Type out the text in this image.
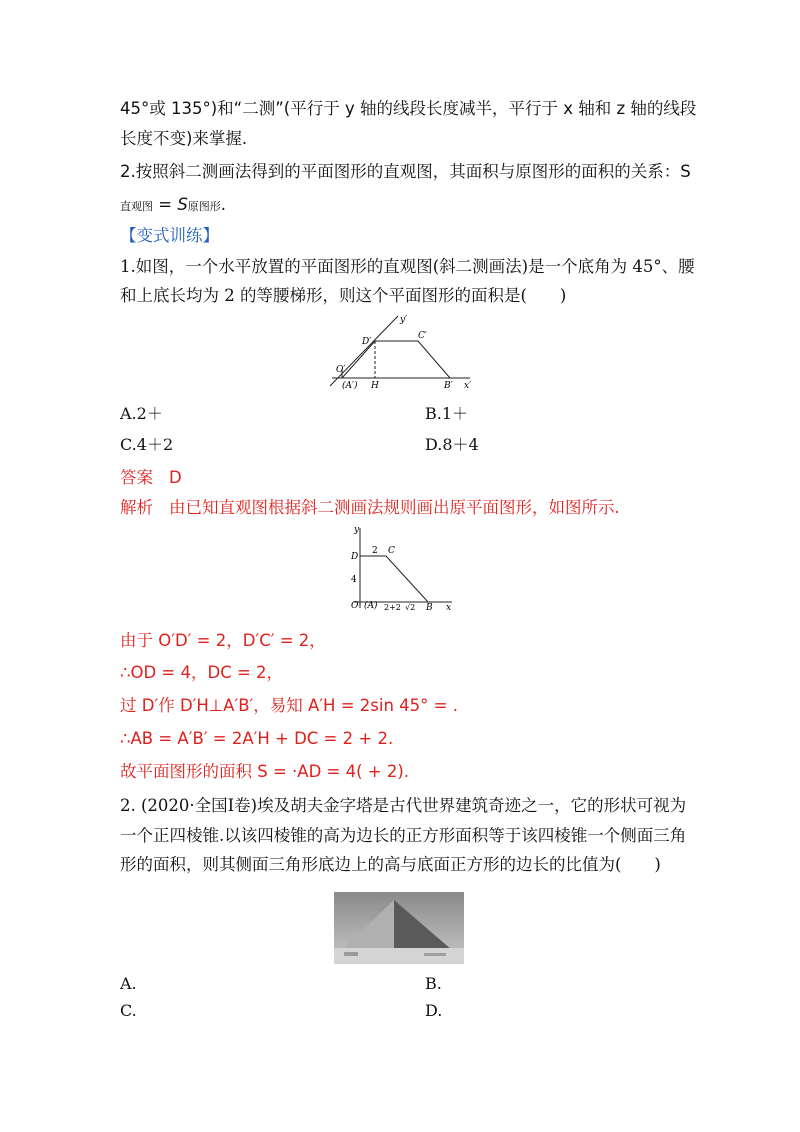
45°或 135°)和“二测”(平行于 y 轴的线段长度减半，平行于 x 轴和 z 轴的线段
长度不变)来掌握.
2.按照斜二测画法得到的平面图形的直观图，其面积与原图形的面积的关系：S
直观图 = S原图形.
【变式训练】
1.如图，一个水平放置的平面图形的直观图(斜二测画法)是一个底角为 45°、腰
和上底长均为 2 的等腰梯形，则这个平面图形的面积是(　　)
y′
D′
C′
O′
(A′) H	B′ x′
A.2＋	B.1＋
C.4＋2	D.8＋4
答案 D
解析 由已知直观图根据斜二测画法规则画出原平面图形，如图所示.
y
D
2 C
4
O (A) 2+2 √2 B x
由于 O′D′ = 2，D′C′ = 2，
∴OD = 4，DC = 2，
过 D′作 D′H⊥A′B′，易知 A′H = 2sin 45° = .
∴AB = A′B′ = 2A′H + DC = 2 + 2.
故平面图形的面积 S = ·AD = 4( + 2).
2. (2020·全国Ⅰ卷)埃及胡夫金字塔是古代世界建筑奇迹之一，它的形状可视为
一个正四棱锥.以该四棱锥的高为边长的正方形面积等于该四棱锥一个侧面三角
形的面积，则其侧面三角形底边上的高与底面正方形的边长的比值为(　　)
A.	B.
C.	D.
